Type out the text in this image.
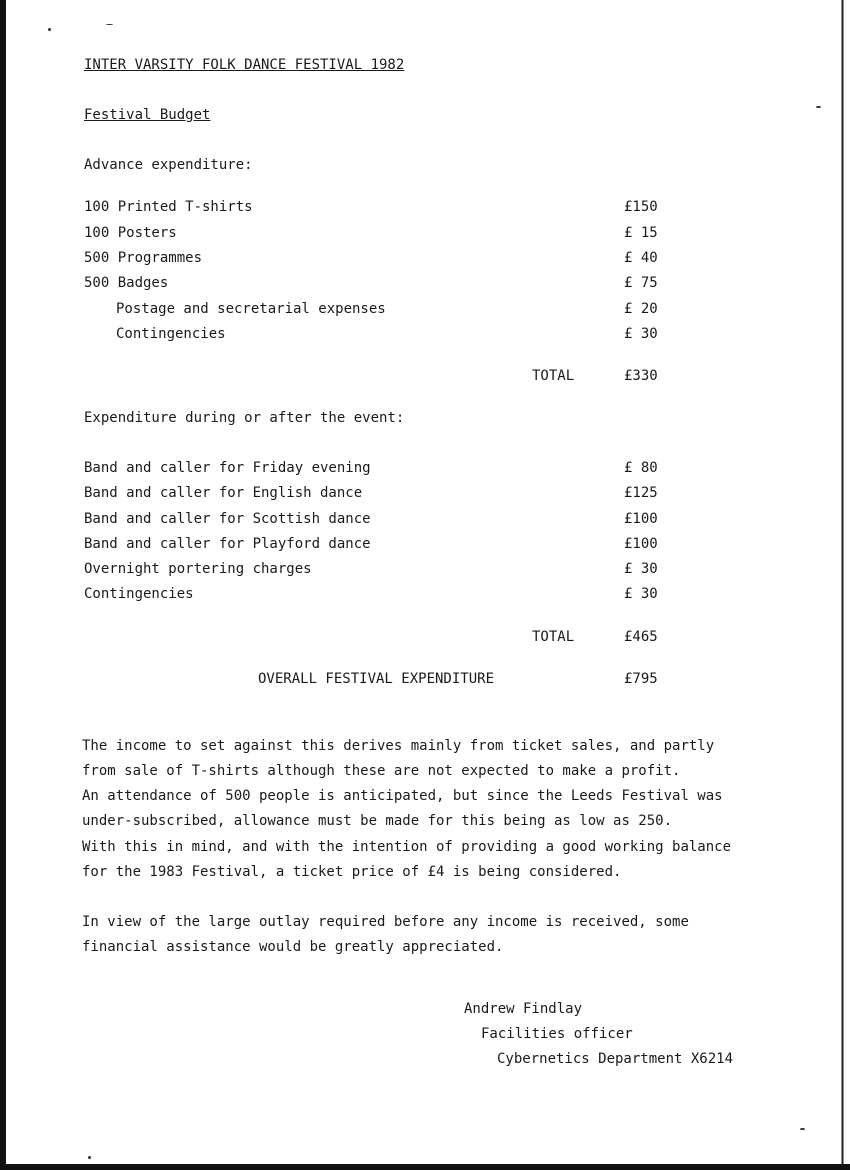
INTER VARSITY FOLK DANCE FESTIVAL 1982
Festival Budget
Advance expenditure:
100 Printed T-shirts	£150
100 Posters	£ 15
500 Programmes	£ 40
500 Badges	£ 75
Postage and secretarial expenses	£ 20
Contingencies	£ 30
TOTAL	£330
Expenditure during or after the event:
Band and caller for Friday evening	£ 80
Band and caller for English dance	£125
Band and caller for Scottish dance	£100
Band and caller for Playford dance	£100
Overnight portering charges	£ 30
Contingencies	£ 30
TOTAL	£465
OVERALL FESTIVAL EXPENDITURE	£795
The income to set against this derives mainly from ticket sales, and partly
from sale of T-shirts although these are not expected to make a profit.
An attendance of 500 people is anticipated, but since the Leeds Festival was
under-subscribed, allowance must be made for this being as low as 250.
With this in mind, and with the intention of providing a good working balance
for the 1983 Festival, a ticket price of £4 is being considered.
In view of the large outlay required before any income is received, some
financial assistance would be greatly appreciated.
Andrew Findlay
Facilities officer
Cybernetics Department X6214
